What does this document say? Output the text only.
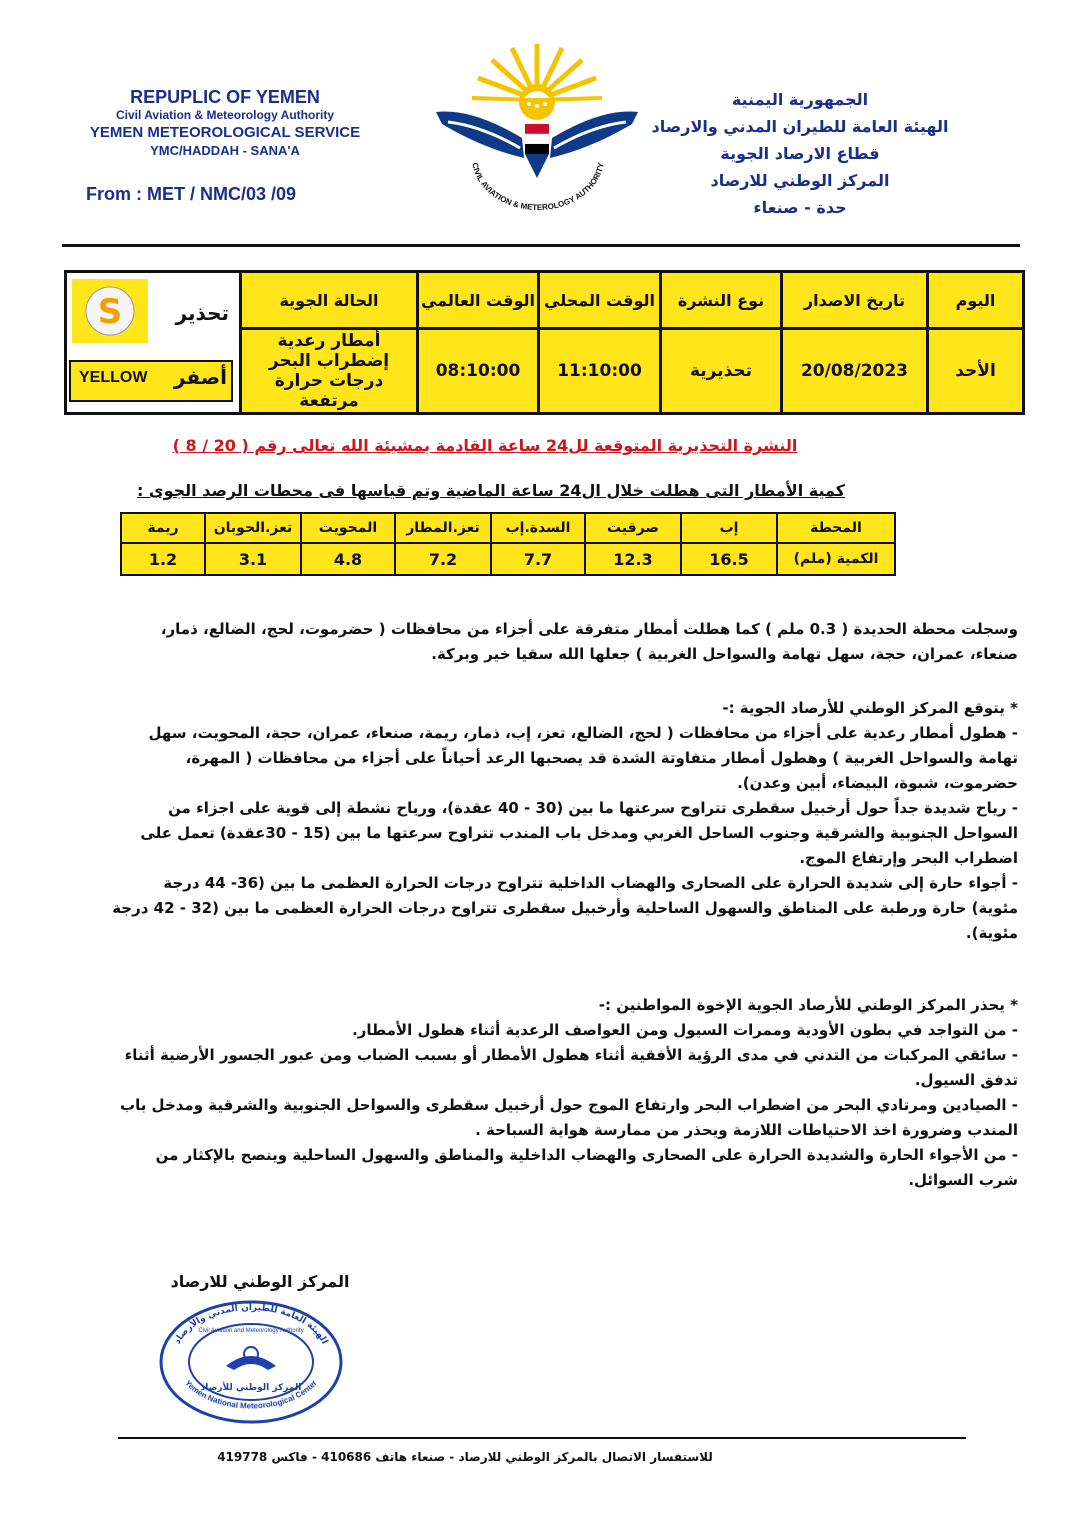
REPUPLIC OF YEMEN
Civil Aviation & Meteorology Authority
YEMEN METEOROLOGICAL SERVICE
YMC/HADDAH - SANA'A
From : MET / NMC/03 /09
CIVIL AVIATION & METEROLOGY AUTHORITY
الجمهورية اليمنية
الهيئة العامة للطيران المدني والارصاد
قطاع الارصاد الجوية
المركز الوطني للارصاد
حدة - صنعاء
اليوم	تاريخ الاصدار	نوع النشرة	الوقت المحلي	الوقت العالمي	الحالة الجوية	S تحذير
YELLOW أصفر

الأحد	20/08/2023	تحذيرية	11:10:00	08:10:00	أمطار رعدية
إضطراب البحر
درجات حرارة مرتفعة	
النشرة التحذيرية المتوقعة لل24 ساعة القادمة بمشيئة الله تعالى رقم ( 20 / 8 )
كمية الأمطار التى هطلت خلال ال24 ساعة الماضية وتم قياسها فى محطات الرصد الجوى :
المحطة	إب	صرقيت	السدة.إب	تعز.المطار	المحويت	تعز.الحوبان	ريمة
الكمية (ملم)	16.5	12.3	7.7	7.2	4.8	3.1	1.2

وسجلت محطة الحديدة ( 0.3 ملم ) كما هطلت أمطار متفرقة على أجزاء من محافظات ( حضرموت، لحج، الضالع، ذمار،

صنعاء، عمران، حجة، سهل تهامة والسواحل الغربية ) جعلها الله سقيا خير وبركة.

* يتوقع المركز الوطني للأرصاد الجوية :-

- هطول أمطار رعدية على أجزاء من محافظات ( لحج، الضالع، تعز، إب، ذمار، ريمة، صنعاء، عمران، حجة، المحويت، سهل

تهامة والسواحل الغربية ) وهطول أمطار متفاوتة الشدة قد يصحبها الرعد أحياناً على أجزاء من محافظات ( المهرة،

حضرموت، شبوة، البيضاء، أبين وعدن).

- رياح شديدة جداً حول أرخبيل سقطرى تتراوح سرعتها ما بين (30 - 40 عقدة)، ورياح نشطة إلى قوية على اجزاء من

السواحل الجنوبية والشرقية وجنوب الساحل الغربي ومدخل باب المندب تتراوح سرعتها ما بين (15 - 30عقدة) تعمل على

اضطراب البحر وإرتفاع الموج.

- أجواء حارة إلى شديدة الحرارة على الصحارى والهضاب الداخلية تتراوح درجات الحرارة العظمى ما بين (36- 44 درجة

مئوية) حارة ورطبة على المناطق والسهول الساحلية وأرخبيل سقطرى تتراوح درجات الحرارة العظمى ما بين (32 - 42 درجة

مئوية).

* يحذر المركز الوطني للأرصاد الجوية الإخوة المواطنين :-

- من التواجد في بطون الأودية وممرات السيول ومن العواصف الرعدية أثناء هطول الأمطار.

- سائقي المركبات من التدني في مدى الرؤية الأفقية أثناء هطول الأمطار أو بسبب الضباب ومن عبور الجسور الأرضية أثناء

تدفق السيول.

- الصيادين ومرتادي البحر من اضطراب البحر وارتفاع الموج حول أرخبيل سقطرى والسواحل الجنوبية والشرقية ومدخل باب

المندب وضرورة اخذ الاحتياطات اللازمة ويحذر من ممارسة هواية السباحة .

- من الأجواء الحارة والشديدة الحرارة على الصحارى والهضاب الداخلية والمناطق والسهول الساحلية وينصح بالإكثار من

شرب السوائل.

المركز الوطني للارصاد
الهيئة العامة للطيران المدني والأرصاد
Yemen National Meteorological Center
Civil Aviation and Meteorology Authority
المركز الوطني للأرصاد
للاستفسار الاتصال بالمركز الوطني للارصاد - صنعاء هاتف 410686 - فاكس 419778
